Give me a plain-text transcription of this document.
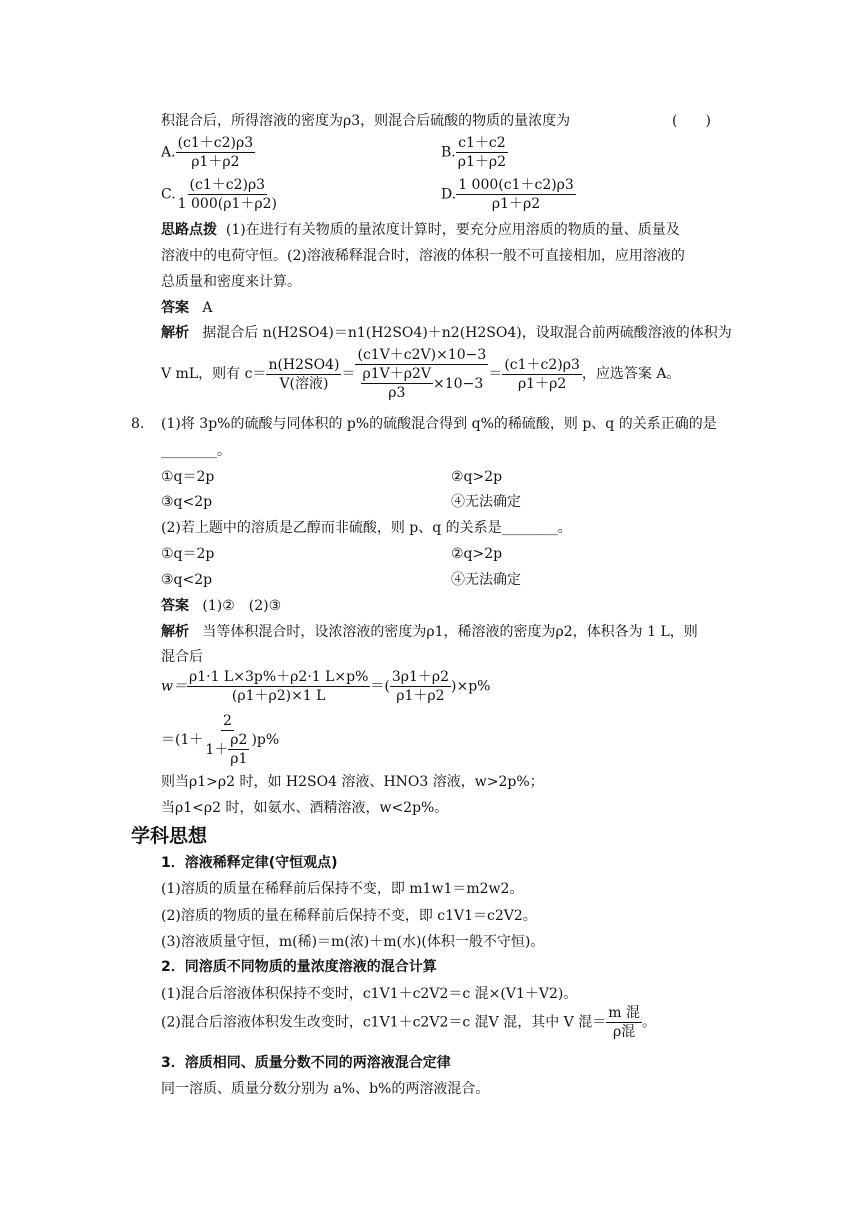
积混合后，所得溶液的密度为ρ3，则混合后硫酸的物质的量浓度为	(　　)
A. $\frac{(c1+c2)\rho 3}{\rho 1+\rho 2}$	B. $\frac{c1+c2}{\rho 1+\rho 2}$
C. $\frac{(c1+c2)\rho 3}{1 000(\rho 1+\rho 2)}$	D. $\frac{1 000(c1+c2)\rho 3}{\rho 1+\rho 2}$
思路点拨 (1)在进行有关物质的量浓度计算时，要充分应用溶质的物质的量、质量及
溶液中的电荷守恒。(2)溶液稀释混合时，溶液的体积一般不可直接相加，应用溶液的
总质量和密度来计算。
答案 A
解析 据混合后 n(H2SO4)＝n1(H2SO4)＋n2(H2SO4)，设取混合前两硫酸溶液的体积为
V mL，则有 $c= \frac{n(H2SO4)}{\text{V(溶液)}} = \frac{(c1V+c2V)\times 10-3}{\frac{\rho 1V+\rho 2V}{\rho 3} \times 10-3} = \frac{(c1+c2)\rho 3}{\rho 1+\rho 2}$ ，应选答案 A。
8. (1)将 3p%的硫酸与同体积的 p%的硫酸混合得到 q%的稀硫酸，则 p、q 的关系正确的是
________。
①q＝2p	②q>2p
③q<2p	④无法确定
(2)若上题中的溶质是乙醇而非硫酸，则 p、q 的关系是________。
①q＝2p	②q>2p
③q<2p	④无法确定
答案 (1)②　(2)③
解析 当等体积混合时，设浓溶液的密度为ρ1，稀溶液的密度为ρ2，体积各为 1 L，则
混合后
$w= \frac{\rho 1\cdot 1 L\times 3p\%+\rho 2\cdot 1 L\times p\%}{(\rho 1+\rho 2)\times 1 L}$ ＝( $\frac{3\rho 1+\rho 2}{\rho 1+\rho 2} )\times p\%$
$=(1+ \frac{2}{1+ \frac{\rho 2}{\rho 1}} )p\%$
则当ρ1>ρ2 时，如 H2SO4 溶液、HNO3 溶液，w>2p%；
当ρ1<ρ2 时，如氨水、酒精溶液，w<2p%。
学科思想
1．溶液稀释定律(守恒观点)
(1)溶质的质量在稀释前后保持不变，即 m1w1＝m2w2。
(2)溶质的物质的量在稀释前后保持不变，即 c1V1＝c2V2。
(3)溶液质量守恒，m(稀)＝m(浓)＋m(水)(体积一般不守恒)。
2．同溶质不同物质的量浓度溶液的混合计算
(1)混合后溶液体积保持不变时，c1V1＋c2V2＝c 混×(V1＋V2)。
(2)混合后溶液体积发生改变时，c1V1＋c2V2＝c 混V 混，其中 V 混＝ $\frac{\text{m 混}}{\text{ρ混}}$ 。
3．溶质相同、质量分数不同的两溶液混合定律
同一溶质、质量分数分别为 a%、b%的两溶液混合。
